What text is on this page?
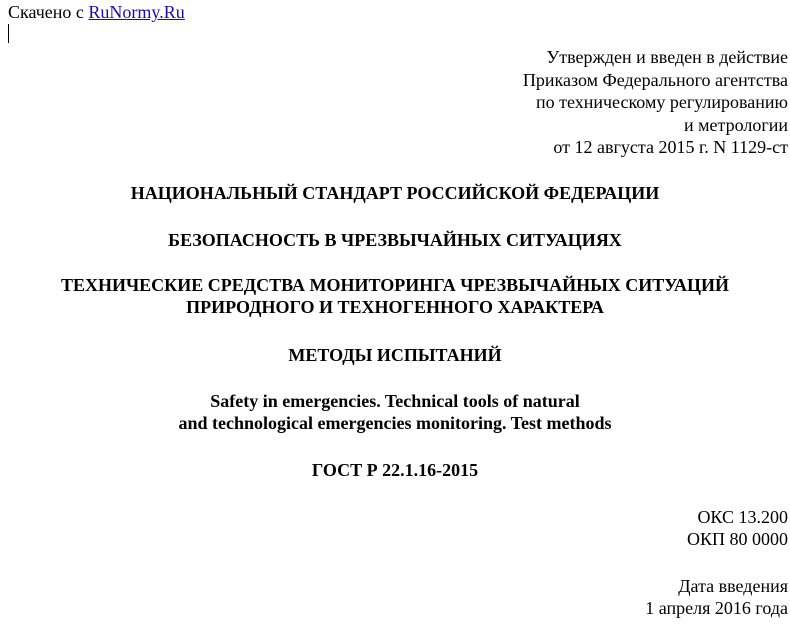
Скачено с RuNormy.Ru
Утвержден и введен в действие
Приказом Федерального агентства
по техническому регулированию
и метрологии
от 12 августа 2015 г. N 1129-ст
НАЦИОНАЛЬНЫЙ СТАНДАРТ РОССИЙСКОЙ ФЕДЕРАЦИИ
БЕЗОПАСНОСТЬ В ЧРЕЗВЫЧАЙНЫХ СИТУАЦИЯХ
ТЕХНИЧЕСКИЕ СРЕДСТВА МОНИТОРИНГА ЧРЕЗВЫЧАЙНЫХ СИТУАЦИЙ
ПРИРОДНОГО И ТЕХНОГЕННОГО ХАРАКТЕРА
МЕТОДЫ ИСПЫТАНИЙ
Safety in emergencies. Technical tools of natural
and technological emergencies monitoring. Test methods
ГОСТ Р 22.1.16-2015
ОКС 13.200
ОКП 80 0000
Дата введения
1 апреля 2016 года
